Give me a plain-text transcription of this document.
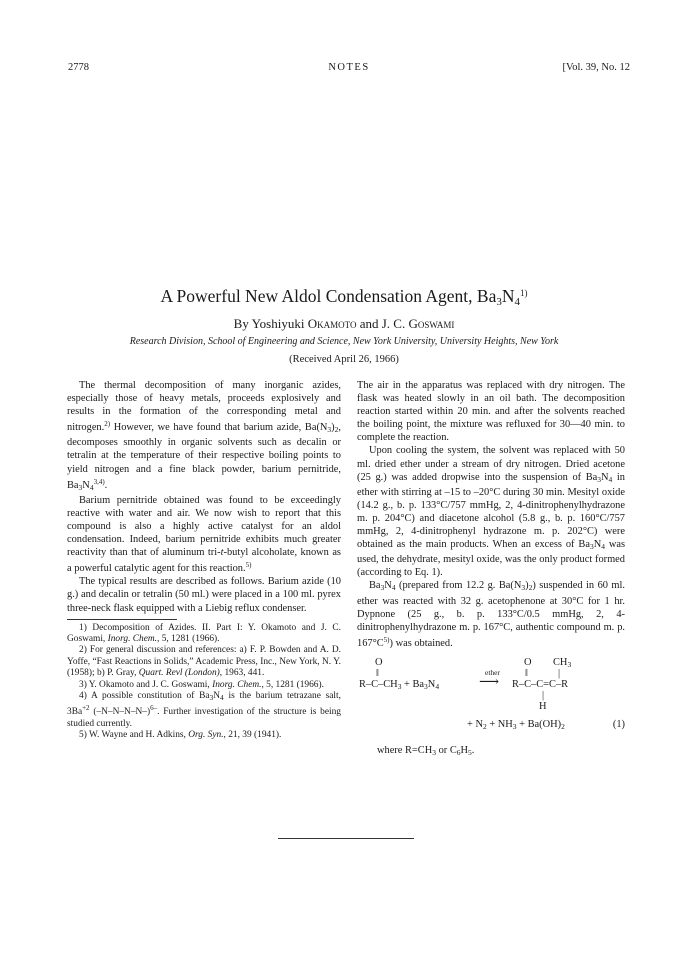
2778	NOTES	[Vol. 39, No. 12
A Powerful New Aldol Condensation Agent, $Ba_3N_4^{1)}$
By Yoshiyuki Okamoto and J. C. Goswami
Research Division, School of Engineering and Science, New York University, University Heights, New York
(Received April 26, 1966)

The thermal decomposition of many inorganic azides, especially those of heavy metals, proceeds explosively and results in the formation of the corresponding metal and nitrogen.$^{2)}$ However, we have found that barium azide, $Ba(N_3)_2$, decomposes smoothly in organic solvents such as decalin or tetralin at the temperature of their respective boiling points to yield nitrogen and a fine black powder, barium pernitride, $Ba_3N_4^{3,4)}$.

Barium pernitride obtained was found to be exceedingly reactive with water and air. We now wish to report that this compound is also a highly active catalyst for an aldol condensation. Indeed, barium pernitride exhibits much greater reactivity than that of aluminum tri-t-butyl alcoholate, known as a powerful catalytic agent for this reaction.$^{5)}$

The typical results are described as follows. Barium azide (10 g.) and decalin or tetralin (50 ml.) were placed in a 100 ml. pyrex three-neck flask equipped with a Liebig reflux condenser.

1) Decomposition of Azides. II. Part I: Y. Okamoto and J. C. Goswami, Inorg. Chem., 5, 1281 (1966).

2) For general discussion and references: a) F. P. Bowden and A. D. Yoffe, “Fast Reactions in Solids,” Academic Press, Inc., New York, N. Y. (1958); b) P. Gray, Quart. Revl (London), 1963, 441.

3) Y. Okamoto and J. C. Goswami, Inorg. Chem., 5, 1281 (1966).

4) A possible constitution of $Ba_3N_4$ is the barium tetrazane salt, $3Ba^{+2}$ $(-N-N-N-N-)^{6-}$. Further investigation of the structure is being studied currently.

5) W. Wayne and H. Adkins, Org. Syn., 21, 39 (1941).

The air in the apparatus was replaced with dry nitrogen. The flask was heated slowly in an oil bath. The decomposition reaction started within 20 min. and after the solvents reached the boiling point, the mixture was refluxed for 30—40 min. to complete the reaction.

Upon cooling the system, the solvent was replaced with 50 ml. dried ether under a stream of dry nitrogen. Dried acetone (25 g.) was added dropwise into the suspension of $Ba_3N_4$ in ether with stirring at –15 to –20°C during 30 min. Mesityl oxide (14.2 g., b. p. 133°C/757 mmHg, 2, 4-dinitrophenylhydrazone m. p. 204°C) and diacetone alcohol (5.8 g., b. p. 160°C/757 mmHg, 2, 4-dinitrophenyl hydrazone m. p. 202°C) were obtained as the main products. When an excess of $Ba_3N_4$ was used, the dehydrate, mesityl oxide, was the only product formed (according to Eq. 1).

$Ba_3N_4$ (prepared from 12.2 g. $Ba(N_3)_2$) suspended in 60 ml. ether was reacted with 32 g. acetophenone at 30°C for 1 hr. Dypnone (25 g., b. p. 133°C/0.5 mmHg, 2, 4-dinitrophenylhydrazone m. p. 167°C, authentic compound m. p. $167^\circ C^{5)}$) was obtained.

O
‖
O
‖
$CH_3$
|
ether
$R-C-CH_3 + Ba_3N_4$	⟶ R–C–C=C–R
|
H
+ $N_2 + NH_3 + Ba(OH)_2$	(1)

where $R=CH_3$ or $C_6H_5$.
